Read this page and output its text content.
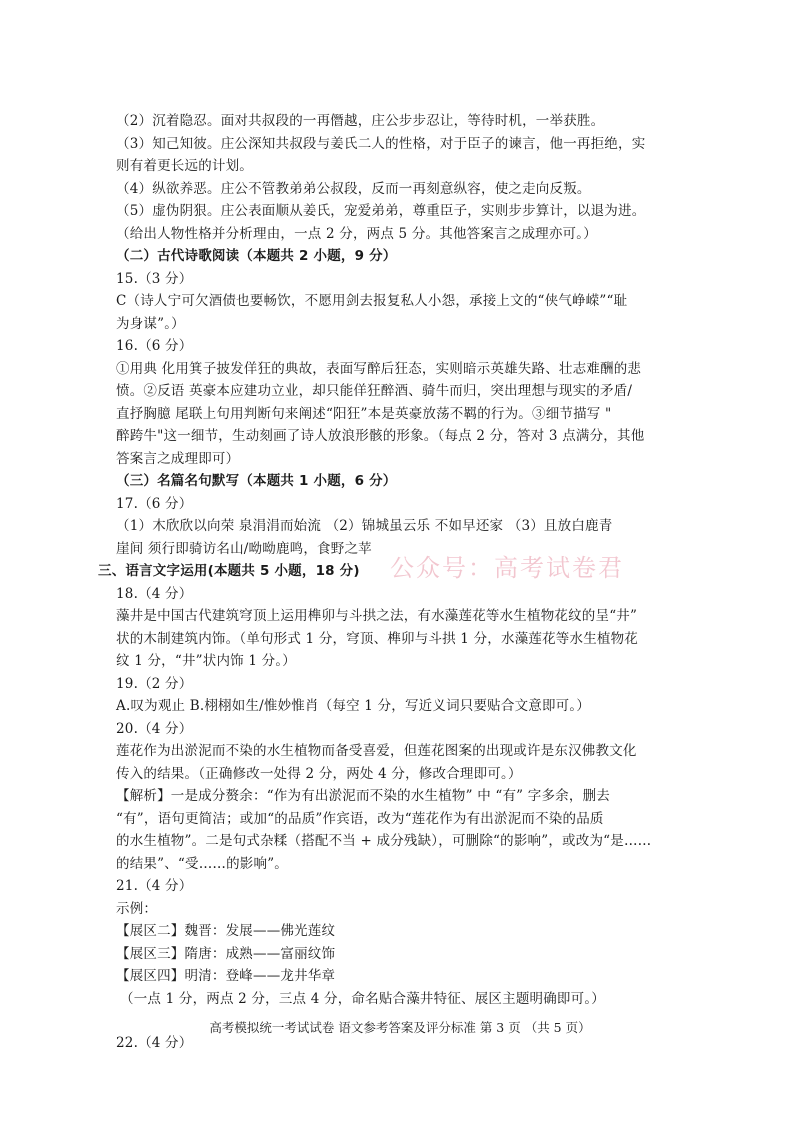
（2）沉着隐忍。面对共叔段的一再僭越，庄公步步忍让，等待时机，一举获胜。
（3）知己知彼。庄公深知共叔段与姜氏二人的性格，对于臣子的谏言，他一再拒绝，实
则有着更长远的计划。
（4）纵欲养恶。庄公不管教弟弟公叔段，反而一再刻意纵容，使之走向反叛。
（5）虚伪阴狠。庄公表面顺从姜氏，宠爱弟弟，尊重臣子，实则步步算计，以退为进。
（给出人物性格并分析理由，一点 2 分，两点 5 分。其他答案言之成理亦可。）
（二）古代诗歌阅读（本题共 2 小题，9 分）
15.（3 分）
C（诗人宁可欠酒债也要畅饮，不愿用剑去报复私人小怨，承接上文的“侠气峥嵘”“耻
为身谋”。）
16.（6 分）
①用典 化用箕子披发佯狂的典故，表面写醉后狂态，实则暗示英雄失路、壮志难酬的悲
愤。②反语 英豪本应建功立业，却只能佯狂醉酒、骑牛而归，突出理想与现实的矛盾/
直抒胸臆 尾联上句用判断句来阐述“阳狂”本是英豪放荡不羁的行为。③细节描写 "
醉跨牛"这一细节，生动刻画了诗人放浪形骸的形象。（每点 2 分，答对 3 点满分，其他
答案言之成理即可）
（三）名篇名句默写（本题共 1 小题，6 分）
17.（6 分）
（1）木欣欣以向荣 泉涓涓而始流 （2）锦城虽云乐 不如早还家 （3）且放白鹿青
崖间 须行即骑访名山/呦呦鹿鸣，食野之苹
三、语言文字运用(本题共 5 小题，18 分)
18.（4 分）
藻井是中国古代建筑穹顶上运用榫卯与斗拱之法，有水藻莲花等水生植物花纹的呈“井”
状的木制建筑内饰。（单句形式 1 分，穹顶、榫卯与斗拱 1 分，水藻莲花等水生植物花
纹 1 分，“井”状内饰 1 分。）
19.（2 分）
A.叹为观止 B.栩栩如生/惟妙惟肖（每空 1 分，写近义词只要贴合文意即可。）
20.（4 分）
莲花作为出淤泥而不染的水生植物而备受喜爱，但莲花图案的出现或许是东汉佛教文化
传入的结果。（正确修改一处得 2 分，两处 4 分，修改合理即可。）
【解析】一是成分赘余：“作为有出淤泥而不染的水生植物” 中 “有” 字多余，删去
“有”，语句更简洁；或加“的品质”作宾语，改为“莲花作为有出淤泥而不染的品质
的水生植物”。二是句式杂糅（搭配不当 + 成分残缺），可删除“的影响”，或改为“是……
的结果”、“受……的影响”。
21.（4 分）
示例：
【展区二】魏晋：发展——佛光莲纹
【展区三】隋唐：成熟——富丽纹饰
【展区四】明清：登峰——龙井华章
（一点 1 分，两点 2 分，三点 4 分，命名贴合藻井特征、展区主题明确即可。）
22.（4 分）
公众号：高考试卷君
高考模拟统一考试试卷 语文参考答案及评分标准 第 3 页 （共 5 页）
